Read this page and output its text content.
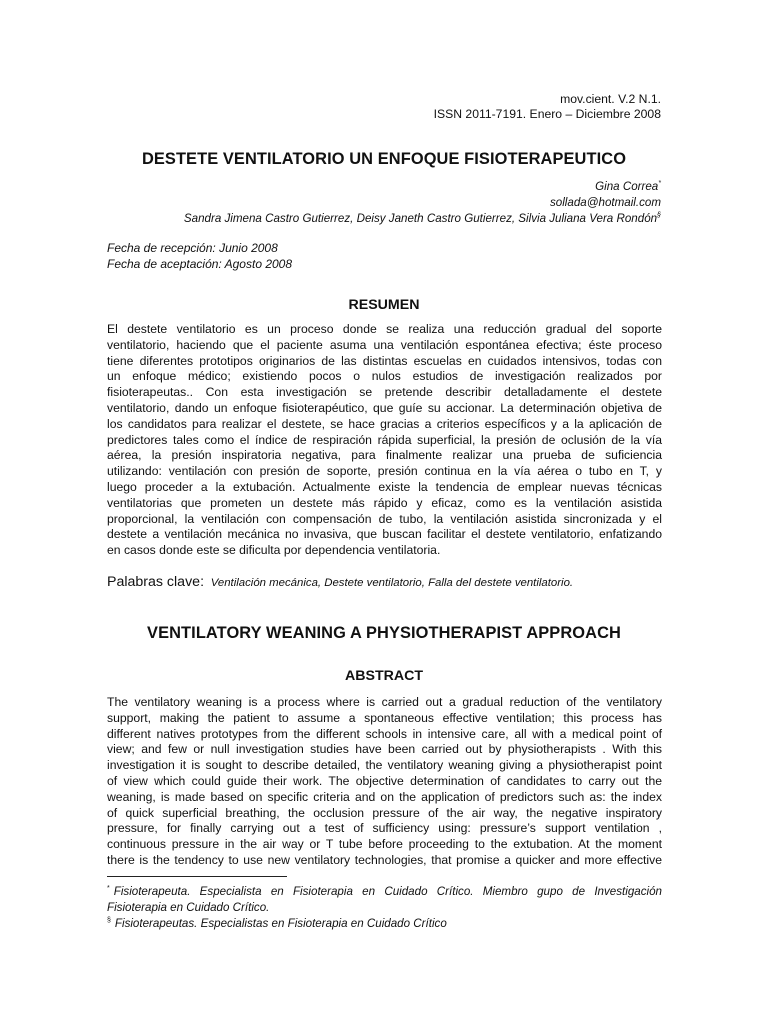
mov.cient. V.2 N.1.
ISSN 2011-7191. Enero – Diciembre 2008
DESTETE VENTILATORIO UN ENFOQUE FISIOTERAPEUTICO
Gina Correa*
sollada@hotmail.com
Sandra Jimena Castro Gutierrez, Deisy Janeth Castro Gutierrez, Silvia Juliana Vera Rondón§
Fecha de recepción: Junio 2008
Fecha de aceptación: Agosto 2008
RESUMEN
El destete ventilatorio es un proceso donde se realiza una reducción gradual del soporte
ventilatorio, haciendo que el paciente asuma una ventilación espontánea efectiva; éste proceso
tiene diferentes prototipos originarios de las distintas escuelas en cuidados intensivos, todas con
un enfoque médico; existiendo pocos o nulos estudios de investigación realizados por
fisioterapeutas.. Con esta investigación se pretende describir detalladamente el destete
ventilatorio, dando un enfoque fisioterapéutico, que guíe su accionar. La determinación objetiva de
los candidatos para realizar el destete, se hace gracias a criterios específicos y a la aplicación de
predictores tales como el índice de respiración rápida superficial, la presión de oclusión de la vía
aérea, la presión inspiratoria negativa, para finalmente realizar una prueba de suficiencia
utilizando: ventilación con presión de soporte, presión continua en la vía aérea o tubo en T, y
luego proceder a la extubación. Actualmente existe la tendencia de emplear nuevas técnicas
ventilatorias que prometen un destete más rápido y eficaz, como es la ventilación asistida
proporcional, la ventilación con compensación de tubo, la ventilación asistida sincronizada y el
destete a ventilación mecánica no invasiva, que buscan facilitar el destete ventilatorio, enfatizando
en casos donde este se dificulta por dependencia ventilatoria.
Palabras clave: Ventilación mecánica, Destete ventilatorio, Falla del destete ventilatorio.
VENTILATORY WEANING A PHYSIOTHERAPIST APPROACH
ABSTRACT
The ventilatory weaning is a process where is carried out a gradual reduction of the ventilatory
support, making the patient to assume a spontaneous effective ventilation; this process has
different natives prototypes from the different schools in intensive care, all with a medical point of
view; and few or null investigation studies have been carried out by physiotherapists . With this
investigation it is sought to describe detailed, the ventilatory weaning giving a physiotherapist point
of view which could guide their work. The objective determination of candidates to carry out the
weaning, is made based on specific criteria and on the application of predictors such as: the index
of quick superficial breathing, the occlusion pressure of the air way, the negative inspiratory
pressure, for finally carrying out a test of sufficiency using: pressure’s support ventilation ,
continuous pressure in the air way or T tube before proceeding to the extubation. At the moment
there is the tendency to use new ventilatory technologies, that promise a quicker and more effective
* Fisioterapeuta. Especialista en Fisioterapia en Cuidado Crítico. Miembro gupo de Investigación
Fisioterapia en Cuidado Crítico.
§ Fisioterapeutas. Especialistas en Fisioterapia en Cuidado Crítico
